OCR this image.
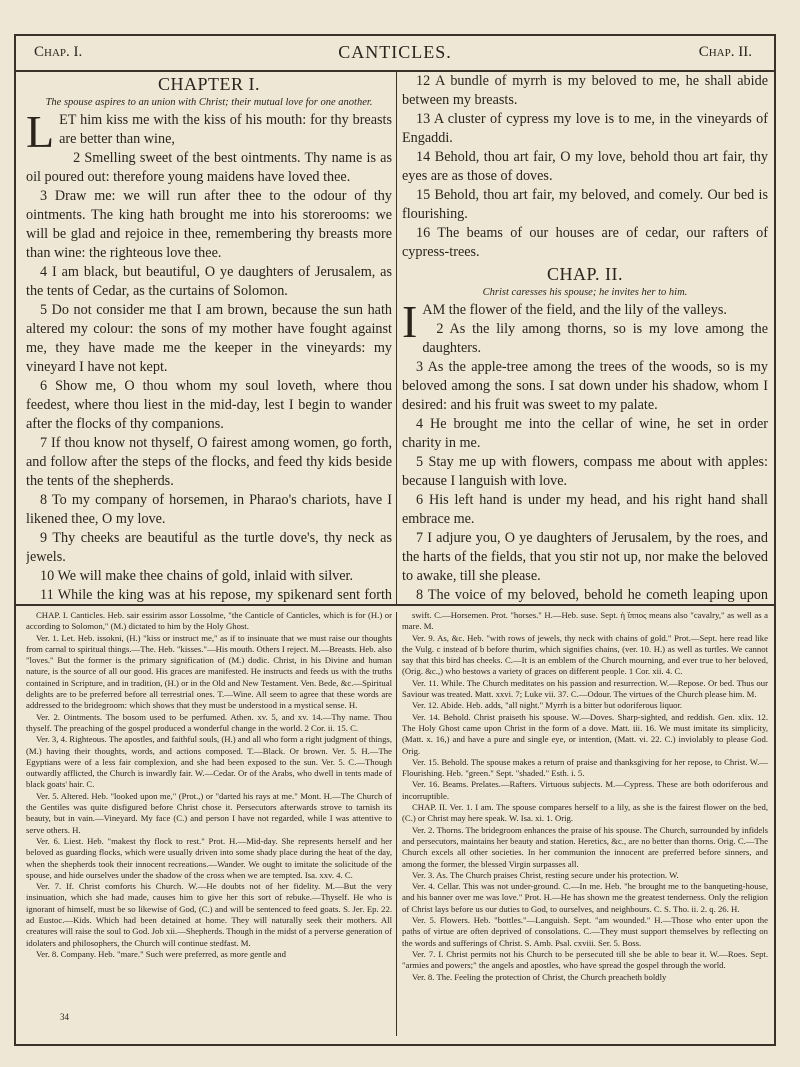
Chap. I.	CANTICLES.	Chap. II.
CHAPTER I.
The spouse aspires to an union with Christ; their mutual love for one another.

LET him kiss me with the kiss of his mouth: for thy breasts are better than wine,

2 Smelling sweet of the best ointments. Thy name is as oil poured out: therefore young maidens have loved thee.

3 Draw me: we will run after thee to the odour of thy ointments. The king hath brought me into his storerooms: we will be glad and rejoice in thee, remembering thy breasts more than wine: the righteous love thee.

4 I am black, but beautiful, O ye daughters of Jerusalem, as the tents of Cedar, as the curtains of Solomon.

5 Do not consider me that I am brown, because the sun hath altered my colour: the sons of my mother have fought against me, they have made me the keeper in the vineyards: my vineyard I have not kept.

6 Show me, O thou whom my soul loveth, where thou feedest, where thou liest in the mid-day, lest I begin to wander after the flocks of thy companions.

7 If thou know not thyself, O fairest among women, go forth, and follow after the steps of the flocks, and feed thy kids beside the tents of the shepherds.

8 To my company of horsemen, in Pharao's chariots, have I likened thee, O my love.

9 Thy cheeks are beautiful as the turtle dove's, thy neck as jewels.

10 We will make thee chains of gold, inlaid with silver.

11 While the king was at his repose, my spikenard sent forth

12 A bundle of myrrh is my beloved to me, he shall abide between my breasts.

13 A cluster of cypress my love is to me, in the vineyards of Engaddi.

14 Behold, thou art fair, O my love, behold thou art fair, thy eyes are as those of doves.

15 Behold, thou art fair, my beloved, and comely. Our bed is flourishing.

16 The beams of our houses are of cedar, our rafters of cypress-trees.

CHAP. II.
Christ caresses his spouse; he invites her to him.

IAM the flower of the field, and the lily of the valleys.

2 As the lily among thorns, so is my love among the daughters.

3 As the apple-tree among the trees of the woods, so is my beloved among the sons. I sat down under his shadow, whom I desired: and his fruit was sweet to my palate.

4 He brought me into the cellar of wine, he set in order charity in me.

5 Stay me up with flowers, compass me about with apples: because I languish with love.

6 His left hand is under my head, and his right hand shall embrace me.

7 I adjure you, O ye daughters of Jerusalem, by the roes, and the harts of the fields, that you stir not up, nor make the beloved to awake, till she please.

8 The voice of my beloved, behold he cometh leaping upon

CHAP. I. Canticles. Heb. sair essirim assor Lossolme, "the Canticle of Canticles, which is for (H.) or according to Solomon," (M.) dictated to him by the Holy Ghost.

Ver. 1. Let. Heb. issokni, (H.) "kiss or instruct me," as if to insinuate that we must raise our thoughts from carnal to spiritual things.—The. Heb. "kisses."—His mouth. Others I reject. M.—Breasts. Heb. also "loves." But the former is the primary signification of (M.) dodic. Christ, in his Divine and human nature, is the source of all our good. His graces are manifested. He instructs and feeds us with the truths contained in Scripture, and in tradition, (H.) or in the Old and New Testament. Ven. Bede, &c.—Spiritual delights are to be preferred before all terrestrial ones. T.—Wine. All seem to agree that these words are addressed to the bridegroom: which shows that they must be understood in a mystical sense. H.

Ver. 2. Ointments. The bosom used to be perfumed. Athen. xv. 5, and xv. 14.—Thy name. Thou thyself. The preaching of the gospel produced a wonderful change in the world. 2 Cor. ii. 15. C.

Ver. 3, 4. Righteous. The apostles, and faithful souls, (H.) and all who form a right judgment of things, (M.) having their thoughts, words, and actions composed. T.—Black. Or brown. Ver. 5. H.—The Egyptians were of a less fair complexion, and she had been exposed to the sun. Ver. 5. C.—Though outwardly afflicted, the Church is inwardly fair. W.—Cedar. Or of the Arabs, who dwell in tents made of black goats' hair. C.

Ver. 5. Altered. Heb. "looked upon me," (Prot.,) or "darted his rays at me." Mont. H.—The Church of the Gentiles was quite disfigured before Christ chose it. Persecutors afterwards strove to tarnish its beauty, but in vain.—Vineyard. My face (C.) and person I have not regarded, while I was attentive to serve others. H.

Ver. 6. Liest. Heb. "makest thy flock to rest." Prot. H.—Mid-day. She represents herself and her beloved as guarding flocks, which were usually driven into some shady place during the heat of the day, when the shepherds took their innocent recreations.—Wander. We ought to imitate the solicitude of the spouse, and hide ourselves under the shadow of the cross when we are tempted. Isa. xxv. 4. C.

Ver. 7. If. Christ comforts his Church. W.—He doubts not of her fidelity. M.—But the very insinuation, which she had made, causes him to give her this sort of rebuke.—Thyself. He who is ignorant of himself, must be so likewise of God, (C.) and will be sentenced to feed goats. S. Jer. Ep. 22. ad Eustoc.—Kids. Which had been detained at home. They will naturally seek their mothers. All creatures will raise the soul to God. Job xii.—Shepherds. Though in the midst of a perverse generation of idolaters and philosophers, the Church will continue stedfast. M.

Ver. 8. Company. Heb. "mare." Such were preferred, as more gentle and

swift. C.—Horsemen. Prot. "horses." H.—Heb. suse. Sept. ἡ ἵππος means also "cavalry," as well as a mare. M.

Ver. 9. As, &c. Heb. "with rows of jewels, thy neck with chains of gold." Prot.—Sept. here read like the Vulg. c instead of b before thurim, which signifies chains, (ver. 10. H.) as well as turtles. We cannot say that this bird has cheeks. C.—It is an emblem of the Church mourning, and ever true to her beloved, (Orig. &c.,) who bestows a variety of graces on different people. 1 Cor. xii. 4. C.

Ver. 11. While. The Church meditates on his passion and resurrection. W.—Repose. Or bed. Thus our Saviour was treated. Matt. xxvi. 7; Luke vii. 37. C.—Odour. The virtues of the Church please him. M.

Ver. 12. Abide. Heb. adds, "all night." Myrrh is a bitter but odoriferous liquor.

Ver. 14. Behold. Christ praiseth his spouse. W.—Doves. Sharp-sighted, and reddish. Gen. xlix. 12. The Holy Ghost came upon Christ in the form of a dove. Matt. iii. 16. We must imitate its simplicity, (Matt. x. 16,) and have a pure and single eye, or intention, (Matt. vi. 22. C.) inviolably to please God. Orig.

Ver. 15. Behold. The spouse makes a return of praise and thanksgiving for her repose, to Christ. W.—Flourishing. Heb. "green." Sept. "shaded." Esth. i. 5.

Ver. 16. Beams. Prelates.—Rafters. Virtuous subjects. M.—Cypress. These are both odoriferous and incorruptible.

CHAP. II. Ver. 1. I am. The spouse compares herself to a lily, as she is the fairest flower on the bed, (C.) or Christ may here speak. W. Isa. xi. 1. Orig.

Ver. 2. Thorns. The bridegroom enhances the praise of his spouse. The Church, surrounded by infidels and persecutors, maintains her beauty and station. Heretics, &c., are no better than thorns. Orig. C.—The Church excels all other societies. In her communion the innocent are preferred before sinners, and among the former, the blessed Virgin surpasses all.

Ver. 3. As. The Church praises Christ, resting secure under his protection. W.

Ver. 4. Cellar. This was not under-ground. C.—In me. Heb. "he brought me to the banqueting-house, and his banner over me was love." Prot. H.—He has shown me the greatest tenderness. Only the religion of Christ lays before us our duties to God, to ourselves, and neighbours. C. S. Tho. ii. 2. q. 26. H.

Ver. 5. Flowers. Heb. "bottles."—Languish. Sept. "am wounded." H.—Those who enter upon the paths of virtue are often deprived of consolations. C.—They must support themselves by reflecting on the words and sufferings of Christ. S. Amb. Psal. cxviii. Ser. 5. Boss.

Ver. 7. I. Christ permits not his Church to be persecuted till she be able to bear it. W.—Roes. Sept. "armies and powers;" the angels and apostles, who have spread the gospel through the world.

Ver. 8. The. Feeling the protection of Christ, the Church preacheth boldly

34
